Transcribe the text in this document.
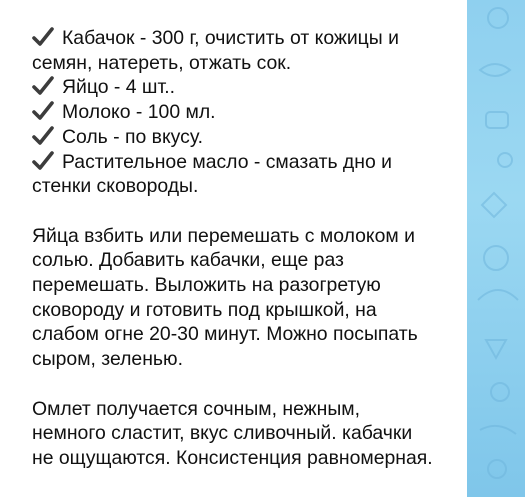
Кабачок - 300 г, очистить от кожицы и

семян, натереть, отжать сок.

Яйцо - 4 шт..

Молоко - 100 мл.

Соль - по вкусу.

Растительное масло - смазать дно и

стенки сковороды.

Яйца взбить или перемешать с молоком и

солью. Добавить кабачки, еще раз

перемешать. Выложить на разогретую

сковороду и готовить под крышкой, на

слабом огне 20-30 минут. Можно посыпать

сыром, зеленью.

Омлет получается сочным, нежным,

немного сластит, вкус сливочный. кабачки

не ощущаются. Консистенция равномерная.
